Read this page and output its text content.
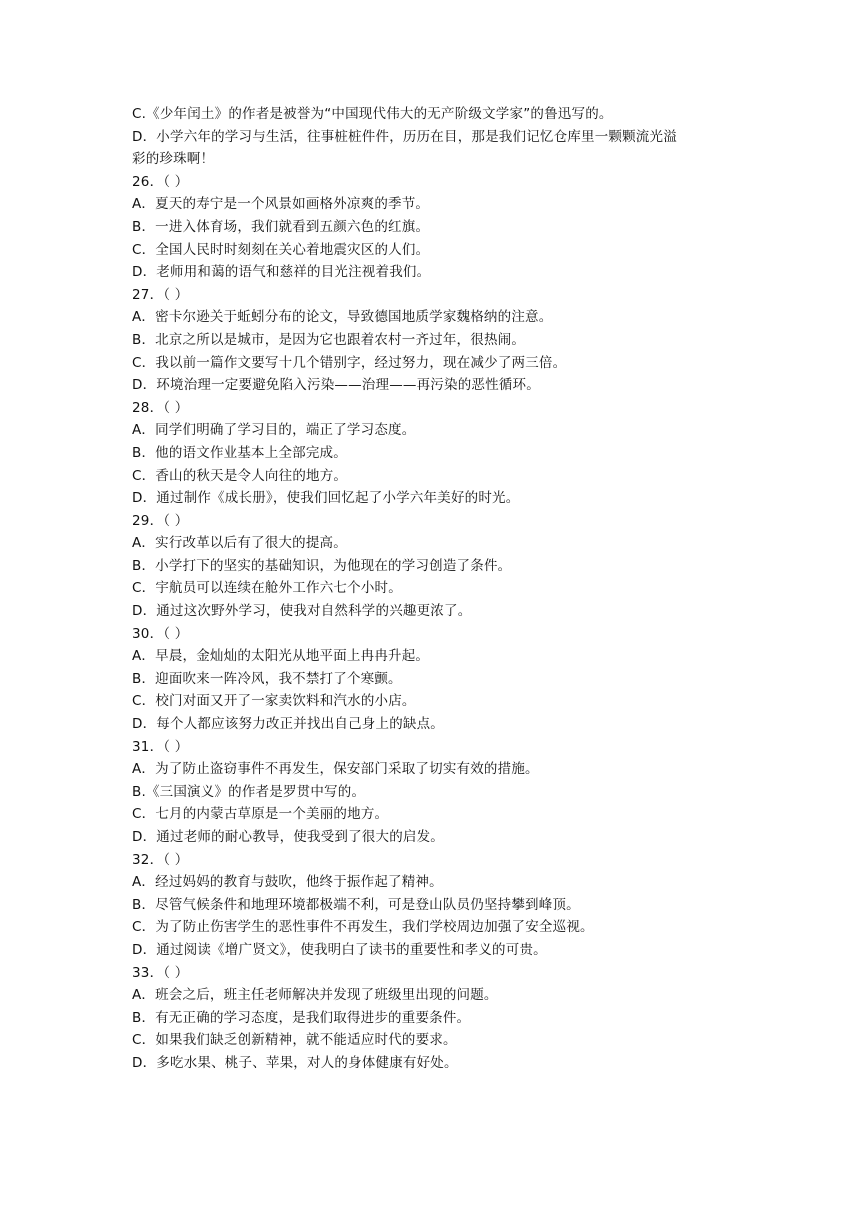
C.《少年闰土》的作者是被誉为“中国现代伟大的无产阶级文学家”的鲁迅写的。
D．小学六年的学习与生活，往事桩桩件件，历历在目，那是我们记忆仓库里一颗颗流光溢
彩的珍珠啊！
26．（ ）
A．夏天的寿宁是一个风景如画格外凉爽的季节。
B．一进入体育场，我们就看到五颜六色的红旗。
C．全国人民时时刻刻在关心着地震灾区的人们。
D．老师用和蔼的语气和慈祥的目光注视着我们。
27．（ ）
A．密卡尔逊关于蚯蚓分布的论文，导致德国地质学家魏格纳的注意。
B．北京之所以是城市，是因为它也跟着农村一齐过年，很热闹。
C．我以前一篇作文要写十几个错别字，经过努力，现在减少了两三倍。
D．环境治理一定要避免陷入污染——治理——再污染的恶性循环。
28．（ ）
A．同学们明确了学习目的，端正了学习态度。
B．他的语文作业基本上全部完成。
C．香山的秋天是令人向往的地方。
D．通过制作《成长册》，使我们回忆起了小学六年美好的时光。
29．（ ）
A．实行改革以后有了很大的提高。
B．小学打下的坚实的基础知识，为他现在的学习创造了条件。
C．宇航员可以连续在舱外工作六七个小时。
D．通过这次野外学习，使我对自然科学的兴趣更浓了。
30．（ ）
A．早晨，金灿灿的太阳光从地平面上冉冉升起。
B．迎面吹来一阵冷风，我不禁打了个寒颤。
C．校门对面又开了一家卖饮料和汽水的小店。
D．每个人都应该努力改正并找出自己身上的缺点。
31．（ ）
A．为了防止盗窃事件不再发生，保安部门采取了切实有效的措施。
B.《三国演义》的作者是罗贯中写的。
C．七月的内蒙古草原是一个美丽的地方。
D．通过老师的耐心教导，使我受到了很大的启发。
32．（ ）
A．经过妈妈的教育与鼓吹，他终于振作起了精神。
B．尽管气候条件和地理环境都极端不利，可是登山队员仍坚持攀到峰顶。
C．为了防止伤害学生的恶性事件不再发生，我们学校周边加强了安全巡视。
D．通过阅读《增广贤文》，使我明白了读书的重要性和孝义的可贵。
33．（ ）
A．班会之后，班主任老师解决并发现了班级里出现的问题。
B．有无正确的学习态度，是我们取得进步的重要条件。
C．如果我们缺乏创新精神，就不能适应时代的要求。
D．多吃水果、桃子、苹果，对人的身体健康有好处。
